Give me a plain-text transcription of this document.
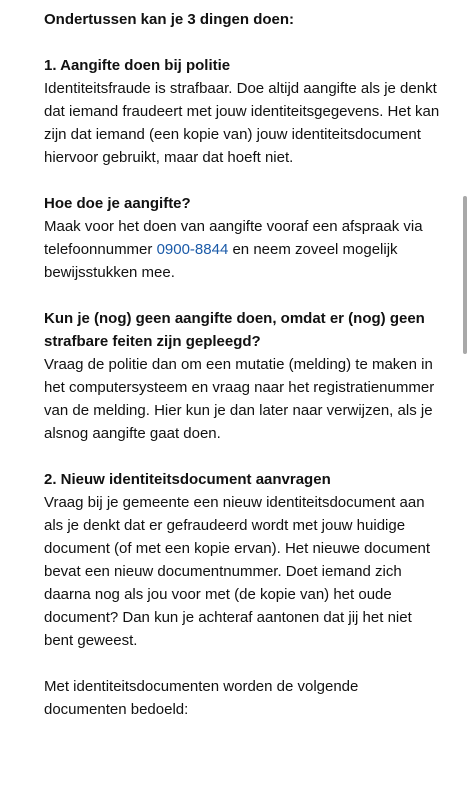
Ondertussen kan je 3 dingen doen:

1. Aangifte doen bij politie

Identiteitsfraude is strafbaar. Doe altijd aangifte als je denkt dat iemand fraudeert met jouw identiteitsgegevens. Het kan zijn dat iemand (een kopie van) jouw identiteitsdocument hiervoor gebruikt, maar dat hoeft niet.

Hoe doe je aangifte?

Maak voor het doen van aangifte vooraf een afspraak via telefoonnummer 0900-8844 en neem zoveel mogelijk bewijsstukken mee.

Kun je (nog) geen aangifte doen, omdat er (nog) geen strafbare feiten zijn gepleegd?

Vraag de politie dan om een mutatie (melding) te maken in het computersysteem en vraag naar het registratienummer van de melding. Hier kun je dan later naar verwijzen, als je alsnog aangifte gaat doen.

2. Nieuw identiteitsdocument aanvragen

Vraag bij je gemeente een nieuw identiteitsdocument aan als je denkt dat er gefraudeerd wordt met jouw huidige document (of met een kopie ervan). Het nieuwe document bevat een nieuw documentnummer. Doet iemand zich daarna nog als jou voor met (de kopie van) het oude document? Dan kun je achteraf aantonen dat jij het niet bent geweest.

Met identiteitsdocumenten worden de volgende documenten bedoeld:
